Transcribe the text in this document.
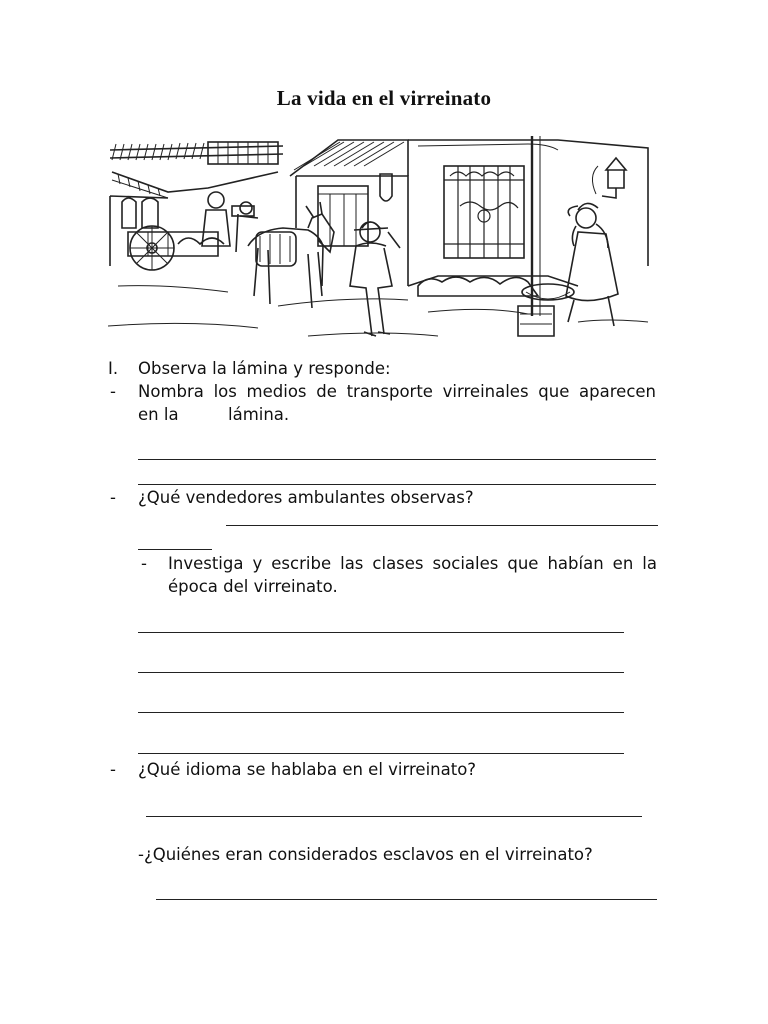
La vida en el virreinato
I. Observa la lámina y responde:
- Nombra los medios de transporte virreinales que aparecen
en la	lámina.
- ¿Qué vendedores ambulantes observas?
- Investiga y escribe las clases sociales que habían en la
época del virreinato.
- ¿Qué idioma se hablaba en el virreinato?
-¿Quiénes eran considerados esclavos en el virreinato?
